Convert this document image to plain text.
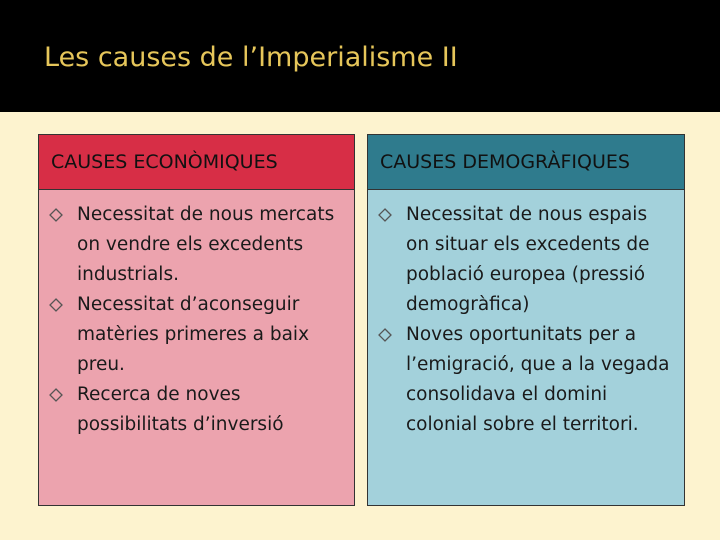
Les causes de l’Imperialisme II
CAUSES ECONÒMIQUES
Necessitat de nous mercats on vendre els excedents industrials.
Necessitat d’aconseguir matèries primeres a baix preu.
Recerca de noves possibilitats d’inversió
CAUSES DEMOGRÀFIQUES
Necessitat de nous espais on situar els excedents de població europea (pressió demogràfica)
Noves oportunitats per a l’emigració, que a la vegada consolidava el domini colonial sobre el territori.
